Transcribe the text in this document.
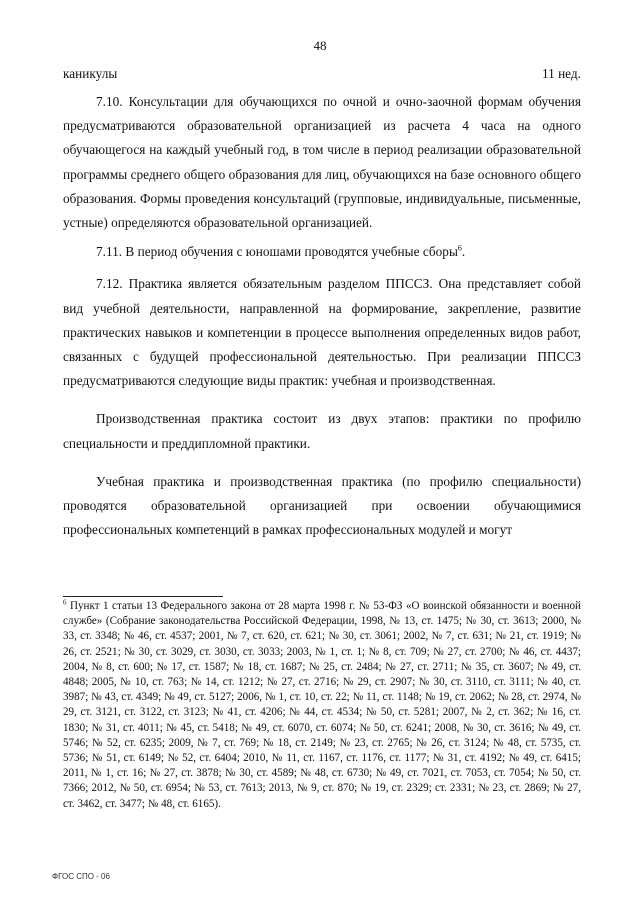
48
каникулы	11 нед.

7.10. Консультации для обучающихся по очной и очно-заочной формам обучения предусматриваются образовательной организацией из расчета 4 часа на одного обучающегося на каждый учебный год, в том числе в период реализации образовательной программы среднего общего образования для лиц, обучающихся на базе основного общего образования. Формы проведения консультаций (групповые, индивидуальные, письменные, устные) определяются образовательной организацией.

7.11. В период обучения с юношами проводятся учебные сборы$^6$.

7.12. Практика является обязательным разделом ППССЗ. Она представляет собой вид учебной деятельности, направленной на формирование, закрепление, развитие практических навыков и компетенции в процессе выполнения определенных видов работ, связанных с будущей профессиональной деятельностью. При реализации ППССЗ предусматриваются следующие виды практик: учебная и производственная.

Производственная практика состоит из двух этапов: практики по профилю специальности и преддипломной практики.

Учебная практика и производственная практика (по профилю специальности) проводятся образовательной организацией при освоении обучающимися профессиональных компетенций в рамках профессиональных модулей и могут

$^6$ Пункт 1 статьи 13 Федерального закона от 28 марта 1998 г. № 53-ФЗ «О воинской обязанности и военной службе» (Собрание законодательства Российской Федерации, 1998, № 13, ст. 1475; № 30, ст. 3613; 2000, № 33, ст. 3348; № 46, ст. 4537; 2001, № 7, ст. 620, ст. 621; № 30, ст. 3061; 2002, № 7, ст. 631; № 21, ст. 1919; № 26, ст. 2521; № 30, ст. 3029, ст. 3030, ст. 3033; 2003, № 1, ст. 1; № 8, ст. 709; № 27, ст. 2700; № 46, ст. 4437; 2004, № 8, ст. 600; № 17, ст. 1587; № 18, ст. 1687; № 25, ст. 2484; № 27, ст. 2711; № 35, ст. 3607; № 49, ст. 4848; 2005, № 10, ст. 763; № 14, ст. 1212; № 27, ст. 2716; № 29, ст. 2907; № 30, ст. 3110, ст. 3111; № 40, ст. 3987; № 43, ст. 4349; № 49, ст. 5127; 2006, № 1, ст. 10, ст. 22; № 11, ст. 1148; № 19, ст. 2062; № 28, ст. 2974, № 29, ст. 3121, ст. 3122, ст. 3123; № 41, ст. 4206; № 44, ст. 4534; № 50, ст. 5281; 2007, № 2, ст. 362; № 16, ст. 1830; № 31, ст. 4011; № 45, ст. 5418; № 49, ст. 6070, ст. 6074; № 50, ст. 6241; 2008, № 30, ст. 3616; № 49, ст. 5746; № 52, ст. 6235; 2009, № 7, ст. 769; № 18, ст. 2149; № 23, ст. 2765; № 26, ст. 3124; № 48, ст. 5735, ст. 5736; № 51, ст. 6149; № 52, ст. 6404; 2010, № 11, ст. 1167, ст. 1176, ст. 1177; № 31, ст. 4192; № 49, ст. 6415; 2011, № 1, ст. 16; № 27, ст. 3878; № 30, ст. 4589; № 48, ст. 6730; № 49, ст. 7021, ст. 7053, ст. 7054; № 50, ст. 7366; 2012, № 50, ст. 6954; № 53, ст. 7613; 2013, № 9, ст. 870; № 19, ст. 2329; ст. 2331; № 23, ст. 2869; № 27, ст. 3462, ст. 3477; № 48, ст. 6165).
ФГОС СПО - 06
